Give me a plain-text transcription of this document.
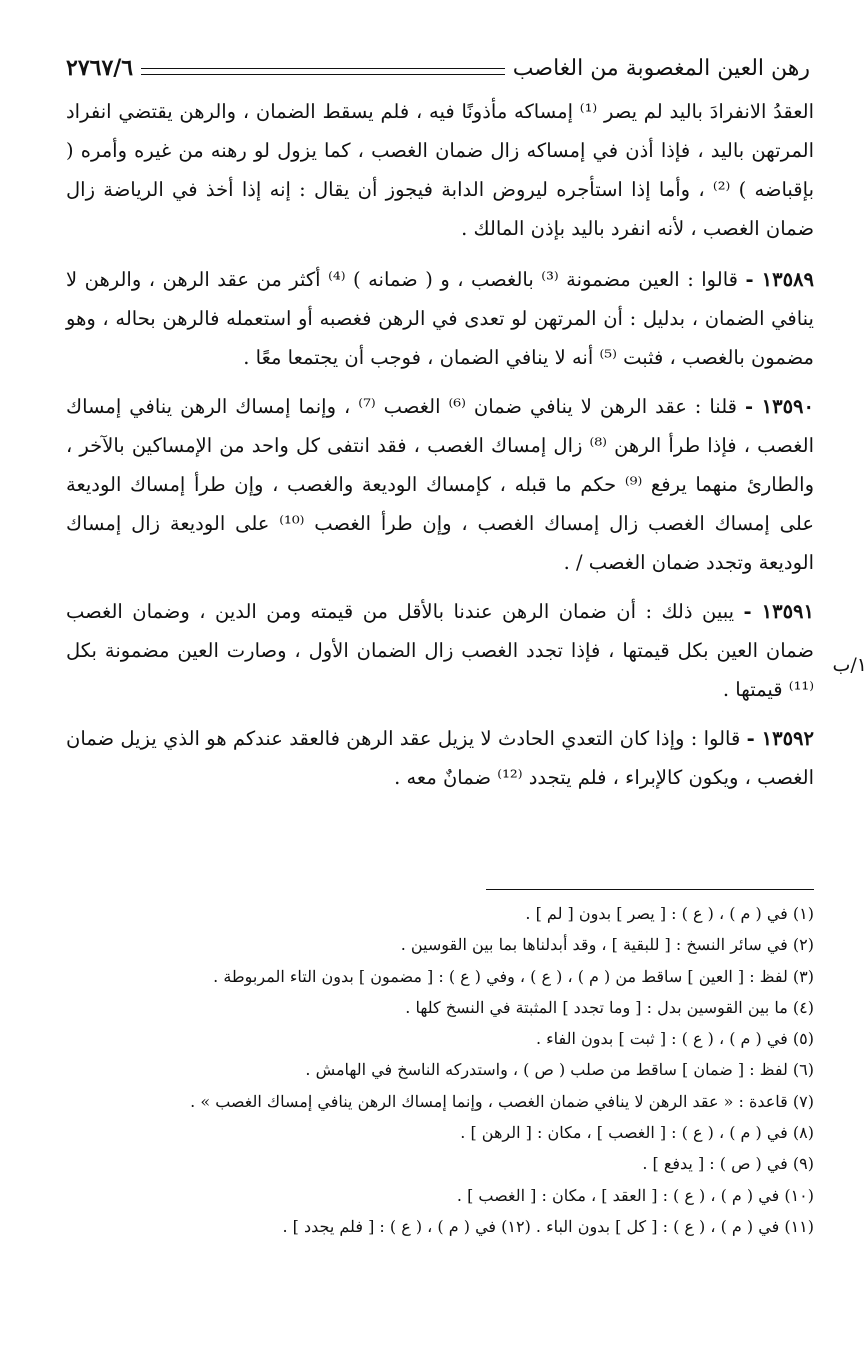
رهن العين المغصوبة من الغاصب
٢٧٦٧/٦

العقدُ الانفرادَ باليد لم يصر ⁽¹⁾ إمساكه مأذونًا فيه ، فلم يسقط الضمان ، والرهن يقتضي انفراد المرتهن باليد ، فإذا أذن في إمساكه زال ضمان الغصب ، كما يزول لو رهنه من غيره وأمره ( بإقباضه ) ⁽²⁾ ، وأما إذا استأجره ليروض الدابة فيجوز أن يقال : إنه إذا أخذ في الرياضة زال ضمان الغصب ، لأنه انفرد باليد بإذن المالك .

١٣٥٨٩ - قالوا : العين مضمونة ⁽³⁾ بالغصب ، و ( ضمانه ) ⁽⁴⁾ أكثر من عقد الرهن ، والرهن لا ينافي الضمان ، بدليل : أن المرتهن لو تعدى في الرهن فغصبه أو استعمله فالرهن بحاله ، وهو مضمون بالغصب ، فثبت ⁽⁵⁾ أنه لا ينافي الضمان ، فوجب أن يجتمعا معًا .

١٣٥٩٠ - قلنا : عقد الرهن لا ينافي ضمان ⁽⁶⁾ الغصب ⁽⁷⁾ ، وإنما إمساك الرهن ينافي إمساك الغصب ، فإذا طرأ الرهن ⁽⁸⁾ زال إمساك الغصب ، فقد انتفى كل واحد من الإمساكين بالآخر ، والطارئ منهما يرفع ⁽⁹⁾ حكم ما قبله ، كإمساك الوديعة والغصب ، وإن طرأ إمساك الوديعة على إمساك الغصب زال إمساك الغصب ، وإن طرأ الغصب ⁽¹⁰⁾ على الوديعة زال إمساك الوديعة وتجدد ضمان الغصب / .

١٣٥٩١ - يبين ذلك : أن ضمان الرهن عندنا بالأقل من قيمته ومن الدين ، وضمان الغصب ضمان العين بكل قيمتها ، فإذا تجدد الغصب زال الضمان الأول ، وصارت العين مضمونة بكل ⁽¹¹⁾ قيمتها .

١٣٥٩٢ - قالوا : وإذا كان التعدي الحادث لا يزيل عقد الرهن فالعقد عندكم هو الذي يزيل ضمان الغصب ، ويكون كالإبراء ، فلم يتجدد ⁽¹²⁾ ضمانٌ معه .

١/ب

(١) في ( م ) ، ( ع ) : [ يصر ] بدون [ لم ] .

(٢) في سائر النسخ : [ للبقية ] ، وقد أبدلناها بما بين القوسين .

(٣) لفظ : [ العين ] ساقط من ( م ) ، ( ع ) ، وفي ( ع ) : [ مضمون ] بدون التاء المربوطة .

(٤) ما بين القوسين بدل : [ وما تجدد ] المثبتة في النسخ كلها .

(٥) في ( م ) ، ( ع ) : [ ثبت ] بدون الفاء .

(٦) لفظ : [ ضمان ] ساقط من صلب ( ص ) ، واستدركه الناسخ في الهامش .

(٧) قاعدة : « عقد الرهن لا ينافي ضمان الغصب ، وإنما إمساك الرهن ينافي إمساك الغصب » .

(٨) في ( م ) ، ( ع ) : [ الغصب ] ، مكان : [ الرهن ] .

(٩) في ( ص ) : [ يدفع ] .

(١٠) في ( م ) ، ( ع ) : [ العقد ] ، مكان : [ الغصب ] .

(١١) في ( م ) ، ( ع ) : [ كل ] بدون الباء . (١٢) في ( م ) ، ( ع ) : [ فلم يجدد ] .
